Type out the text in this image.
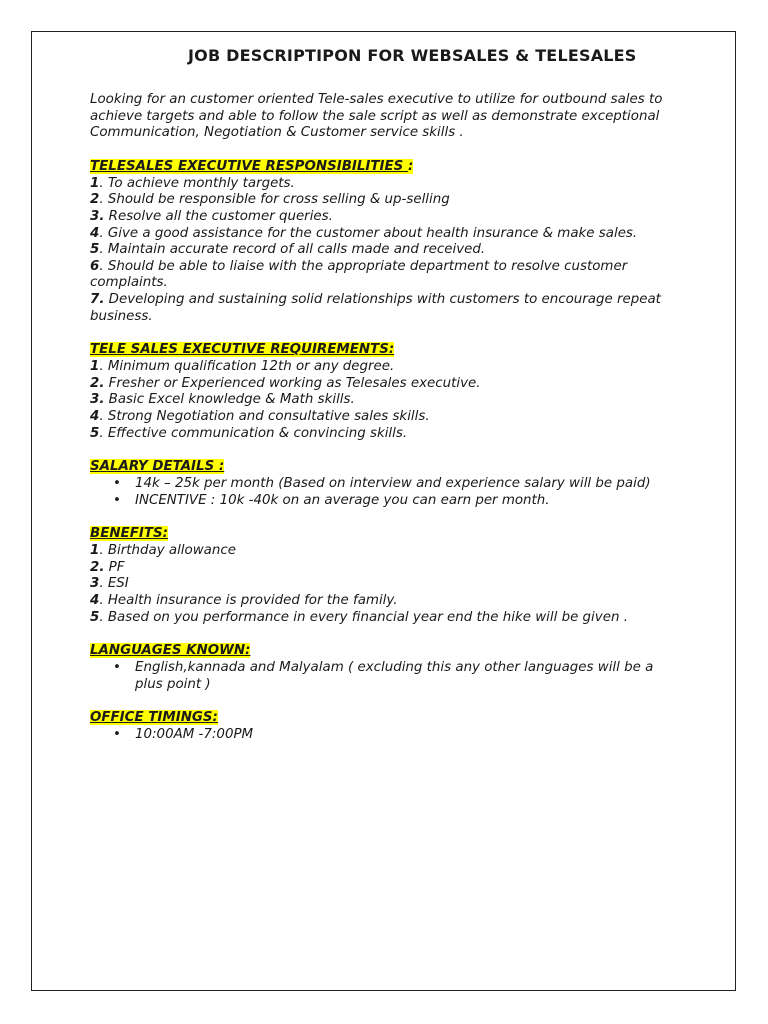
JOB DESCRIPTIPON FOR WEBSALES & TELESALES

Looking for an customer oriented Tele-sales executive to utilize for outbound sales to achieve targets and able to follow the sale script as well as demonstrate exceptional Communication, Negotiation & Customer service skills .

TELESALES EXECUTIVE RESPONSIBILITIES :

1. To achieve monthly targets.
2. Should be responsible for cross selling & up-selling
3. Resolve all the customer queries.
4. Give a good assistance for the customer about health insurance & make sales.
5. Maintain accurate record of all calls made and received.
6. Should be able to liaise with the appropriate department to resolve customer complaints.
7. Developing and sustaining solid relationships with customers to encourage repeat business.

TELE SALES EXECUTIVE REQUIREMENTS:

1. Minimum qualification 12th or any degree.
2. Fresher or Experienced working as Telesales executive.
3. Basic Excel knowledge & Math skills.
4. Strong Negotiation and consultative sales skills.
5. Effective communication & convincing skills.

SALARY DETAILS :

• 14k – 25k per month (Based on interview and experience salary will be paid)
• INCENTIVE : 10k -40k on an average you can earn per month.

BENEFITS:

1. Birthday allowance
2. PF
3. ESI
4. Health insurance is provided for the family.
5. Based on you performance in every financial year end the hike will be given .

LANGUAGES KNOWN:

• English,kannada and Malyalam ( excluding this any other languages will be a plus point )

OFFICE TIMINGS:

• 10:00AM -7:00PM
